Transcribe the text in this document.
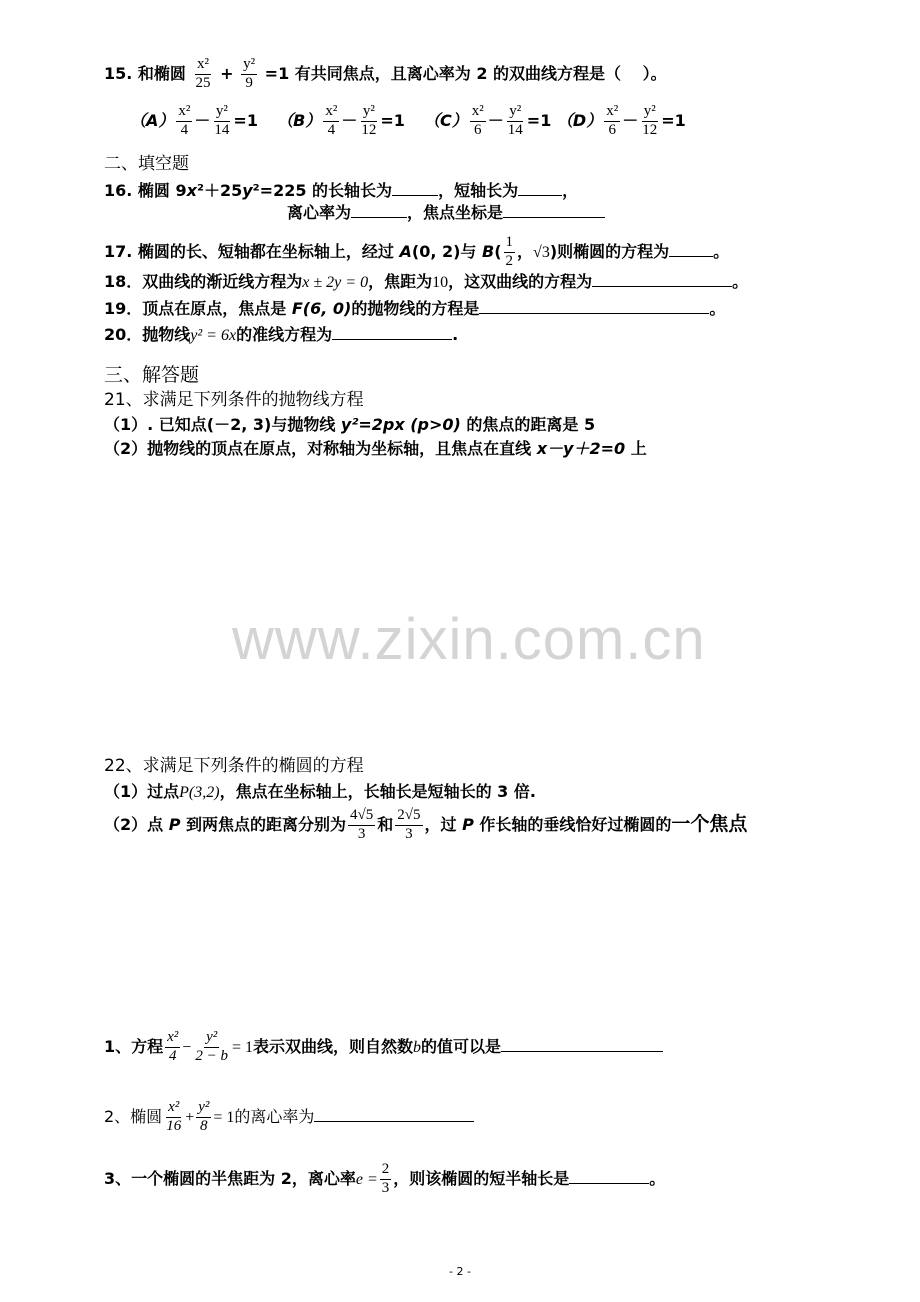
www.zixin.com.cn
15. 和椭圆 $\frac{\text{x²}}{25} + \frac{\text{y²}}{9} =1$ 有共同焦点，且离心率为 2 的双曲线方程是（　 ）。
$(A) \frac{\text{x²}}{4} - \frac{\text{y²}}{14} =1$ $(B) \frac{\text{x²}}{4} - \frac{\text{y²}}{12} =1$ $(C) \frac{\text{x²}}{6} - \frac{\text{y²}}{14} =1$ $(D) \frac{\text{x²}}{6} - \frac{\text{y²}}{12} =1$
二、填空题
16. 椭圆 9x²＋25y²=225 的长轴长为	，短轴长为	，
离心率为	，焦点坐标是
17. 椭圆的长、短轴都在坐标轴上，经过 A(0, 2)与 $B( \frac{1}{2}$ ，√3)则椭圆的方程为	。
18．双曲线的渐近线方程为x ± 2y = 0，焦距为10，这双曲线的方程为	。
19．顶点在原点，焦点是 F(6, 0)的抛物线的方程是	。
20．抛物线y² = 6x的准线方程为	.
三、解答题
21、求满足下列条件的抛物线方程
（1）. 已知点(－2, 3)与抛物线 y²=2px (p>0) 的焦点的距离是 5
（2）抛物线的顶点在原点，对称轴为坐标轴，且焦点在直线 x－y＋2=0 上
22、求满足下列条件的椭圆的方程
（1）过点P(3,2)，焦点在坐标轴上，长轴长是短轴长的 3 倍.
（2）点 P 到两焦点的距离分别为 $\frac{4√5}{3}$ 和 $\frac{2√5}{3}$ ，过 P 作长轴的垂线恰好过椭圆的一个焦点
1、方程 $\frac{\text{x²}}{4} - \frac{\text{y²}}{2 - b} = 1$表示双曲线，则自然数b的值可以是
2、椭圆 $\frac{\text{x²}}{16} + \frac{\text{y²}}{8} = 1$的离心率为
3、一个椭圆的半焦距为 2，离心率$e = \frac{2}{3}$ ，则该椭圆的短半轴长是	。
- 2 -
